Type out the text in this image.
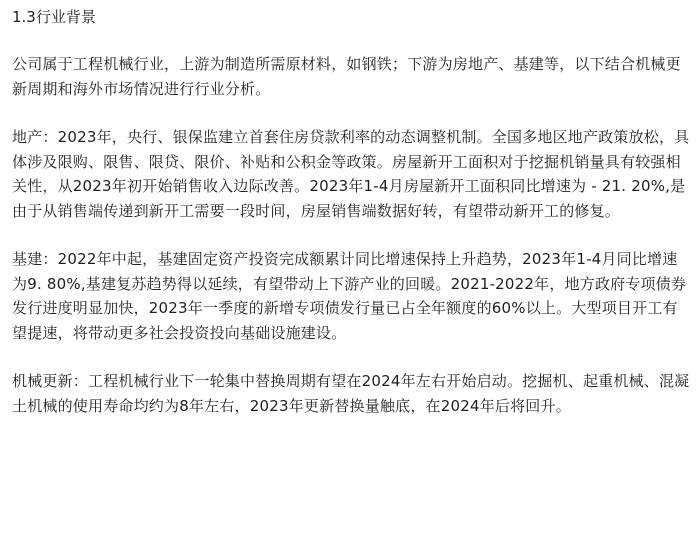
1.3行业背景

公司属于工程机械行业，上游为制造所需原材料，如钢铁；下游为房地产、基建等，以下结合机械更新周期和海外市场情况进行行业分析。

地产：2023年，央行、银保监建立首套住房贷款利率的动态调整机制。全国多地区地产政策放松，具体涉及限购、限售、限贷、限价、补贴和公积金等政策。房屋新开工面积对于挖掘机销量具有较强相关性，从2023年初开始销售收入边际改善。2023年1-4月房屋新开工面积同比增速为 - 21. 20%,是由于从销售端传递到新开工需要一段时间，房屋销售端数据好转，有望带动新开工的修复。

基建：2022年中起，基建固定资产投资完成额累计同比增速保持上升趋势，2023年1-4月同比增速为9. 80%,基建复苏趋势得以延续，有望带动上下游产业的回暖。2021-2022年，地方政府专项债券发行进度明显加快，2023年一季度的新增专项债发行量已占全年额度的60%以上。大型项目开工有望提速，将带动更多社会投资投向基础设施建设。

机械更新：工程机械行业下一轮集中替换周期有望在2024年左右开始启动。挖掘机、起重机械、混凝土机械的使用寿命均约为8年左右，2023年更新替换量触底，在2024年后将回升。
